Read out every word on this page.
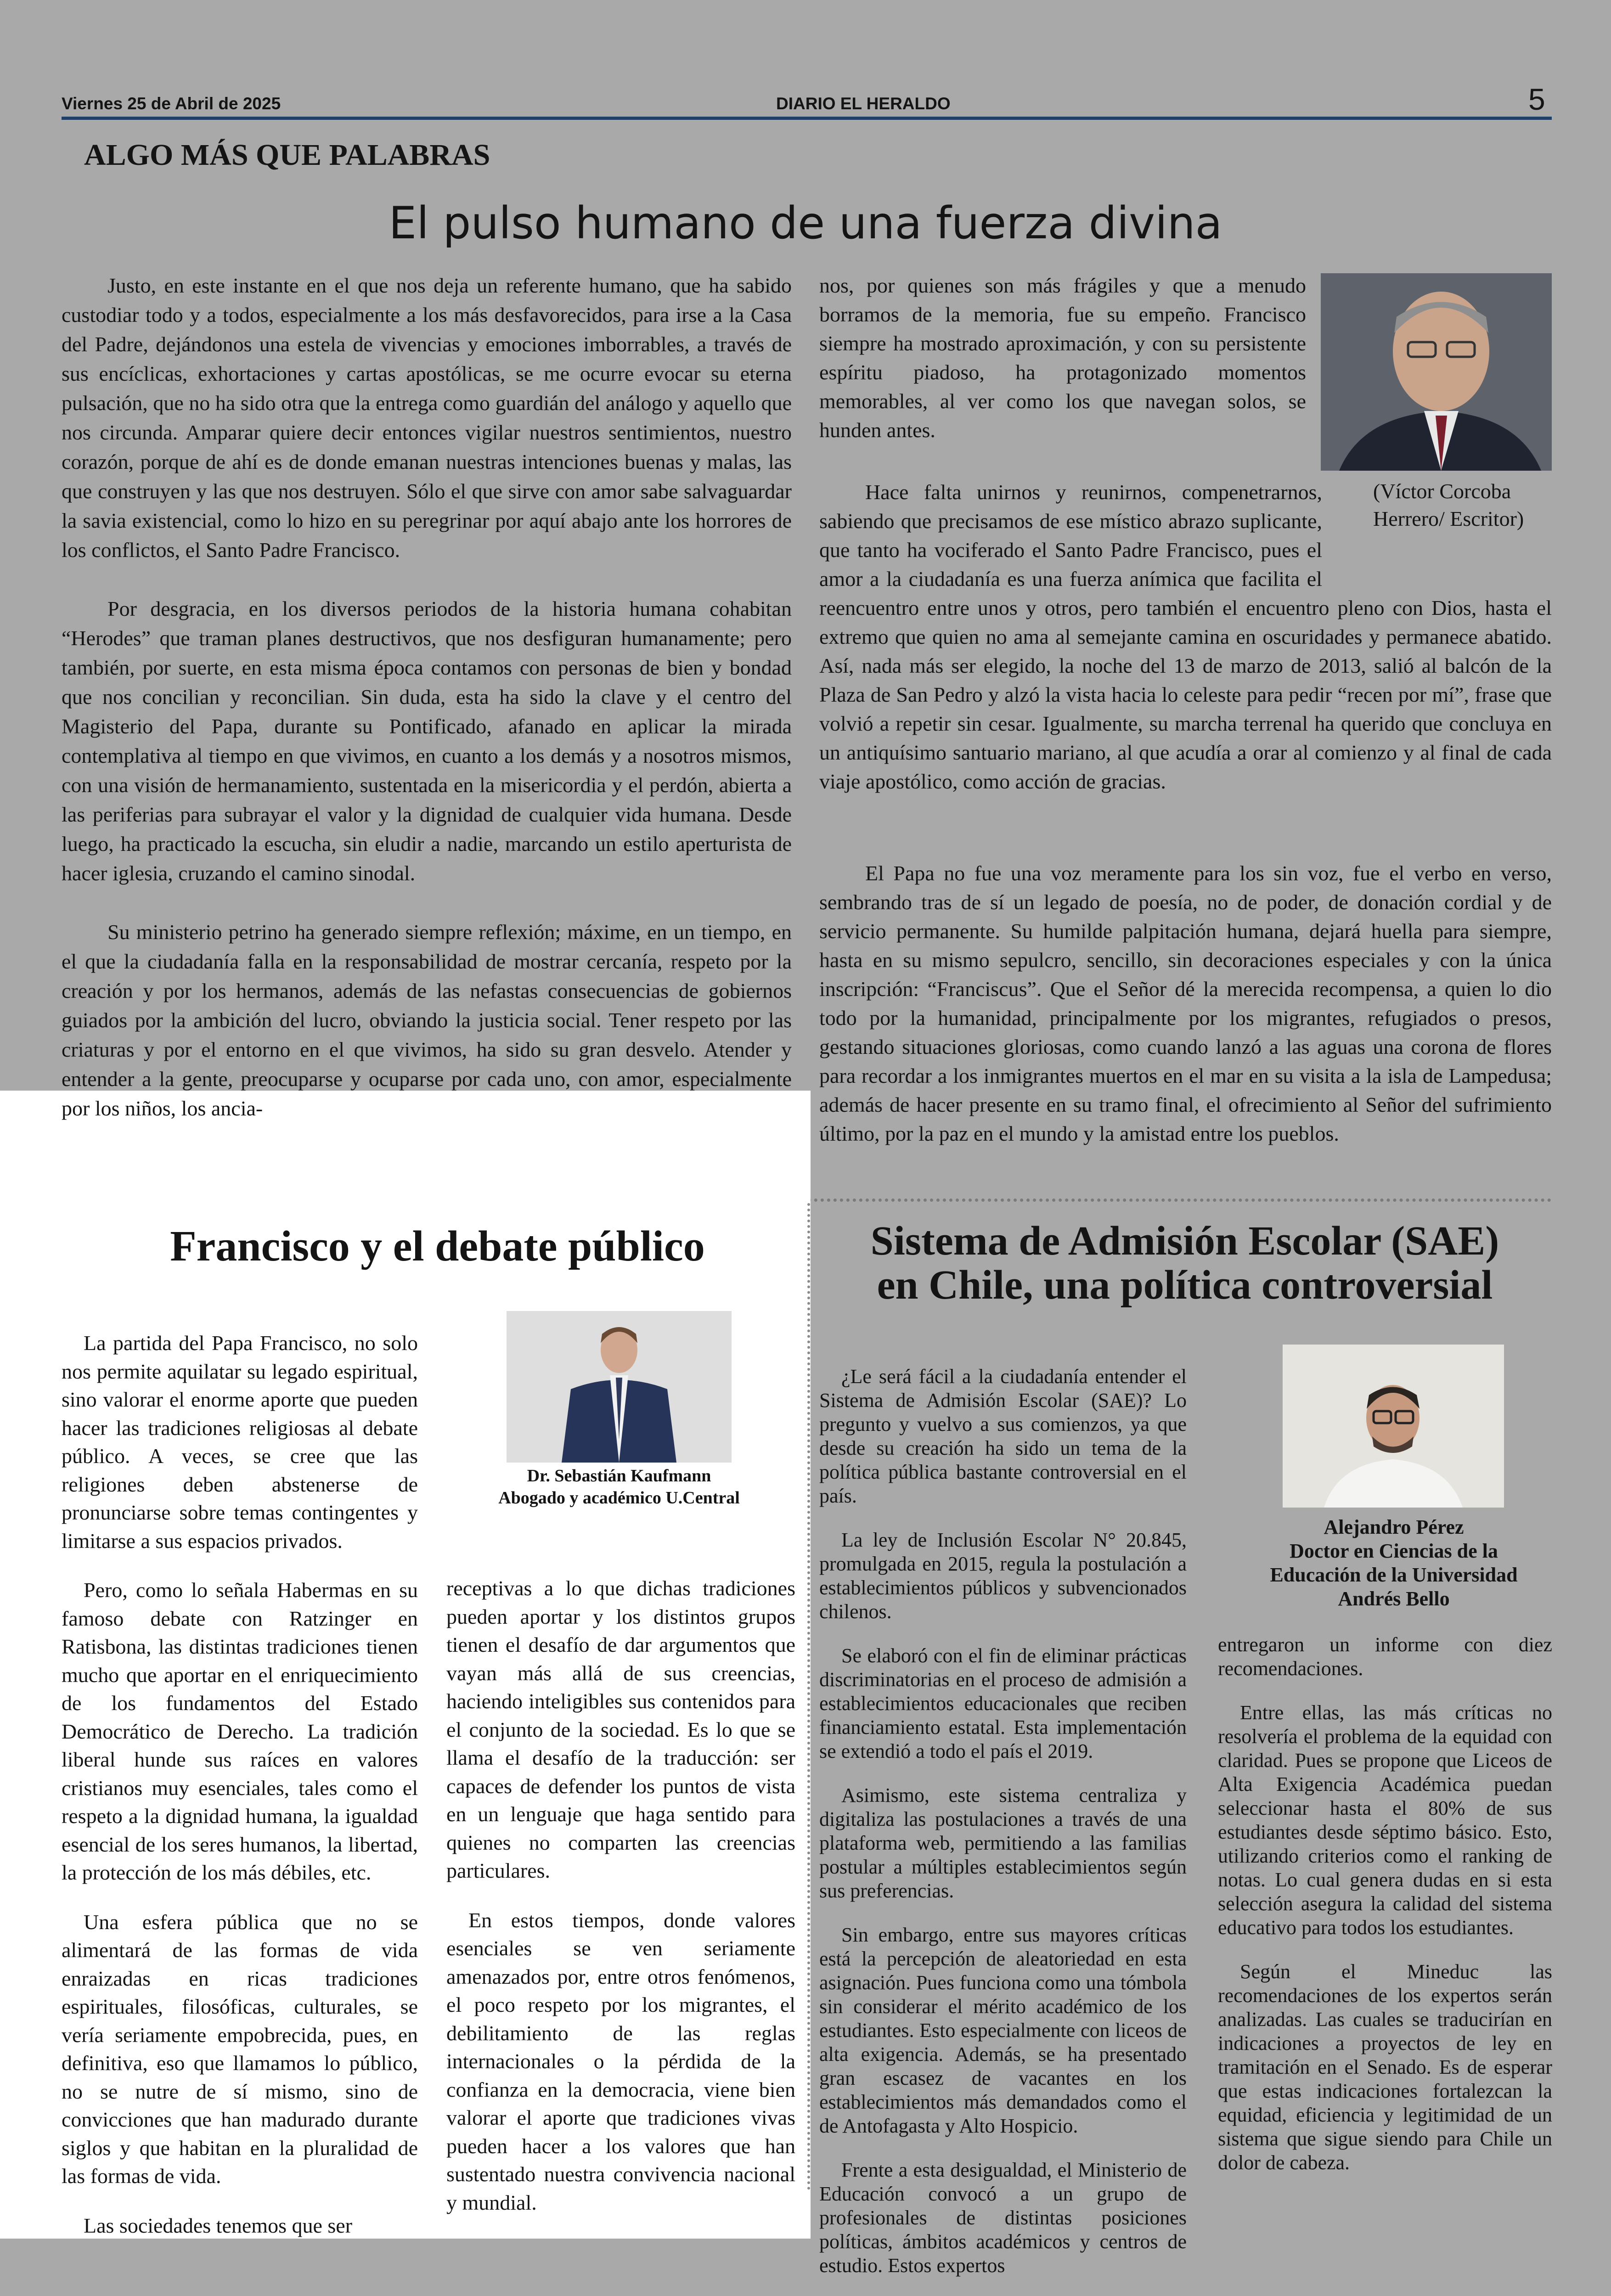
Viernes 25 de Abril de 2025	DIARIO EL HERALDO	5
ALGO MÁS QUE PALABRAS
El pulso humano de una fuerza divina

Justo, en este instante en el que nos deja un referente humano, que ha sabido custodiar todo y a todos, especialmente a los más desfavorecidos, para irse a la Casa del Padre, dejándonos una estela de vivencias y emociones imborrables, a través de sus encíclicas, exhortaciones y cartas apostólicas, se me ocurre evocar su eterna pulsación, que no ha sido otra que la entrega como guardián del análogo y aquello que nos circunda. Amparar quiere decir entonces vigilar nuestros sentimientos, nuestro corazón, porque de ahí es de donde emanan nuestras intenciones buenas y malas, las que construyen y las que nos destruyen. Sólo el que sirve con amor sabe salvaguardar la savia existencial, como lo hizo en su peregrinar por aquí abajo ante los horrores de los conflictos, el Santo Padre Francisco.

Por desgracia, en los diversos periodos de la historia humana cohabitan “Herodes” que traman planes destructivos, que nos desfiguran humanamente; pero también, por suerte, en esta misma época contamos con personas de bien y bondad que nos concilian y reconcilian. Sin duda, esta ha sido la clave y el centro del Magisterio del Papa, durante su Pontificado, afanado en aplicar la mirada contemplativa al tiempo en que vivimos, en cuanto a los demás y a nosotros mismos, con una visión de hermanamiento, sustentada en la misericordia y el perdón, abierta a las periferias para subrayar el valor y la dignidad de cualquier vida humana. Desde luego, ha practicado la escucha, sin eludir a nadie, marcando un estilo aperturista de hacer iglesia, cruzando el camino sinodal.

Su ministerio petrino ha generado siempre reflexión; máxime, en un tiempo, en el que la ciudadanía falla en la responsabilidad de mostrar cercanía, respeto por la creación y por los hermanos, además de las nefastas consecuencias de gobiernos guiados por la ambición del lucro, obviando la justicia social. Tener respeto por las criaturas y por el entorno en el que vivimos, ha sido su gran desvelo. Atender y entender a la gente, preocuparse y ocuparse por cada uno, con amor, especialmente por los niños, los ancia-

nos, por quienes son más frágiles y que a menudo borramos de la memoria, fue su empeño. Francisco siempre ha mostrado aproximación, y con su persistente espíritu piadoso, ha protagonizado momentos memorables, al ver como los que navegan solos, se hunden antes.

(Víctor Corcoba
Herrero/ Escritor)

Hace falta unirnos y reunirnos, compenetrarnos, sabiendo que precisamos de ese místico abrazo suplicante, que tanto ha vociferado el Santo Padre Francisco, pues el amor a la ciudadanía es una fuerza anímica que facilita el reencuentro entre unos y otros, pero también el encuentro pleno con Dios, hasta el extremo que quien no ama al semejante camina en oscuridades y permanece abatido. Así, nada más ser elegido, la noche del 13 de marzo de 2013, salió al balcón de la Plaza de San Pedro y alzó la vista hacia lo celeste para pedir “recen por mí”, frase que volvió a repetir sin cesar. Igualmente, su marcha terrenal ha querido que concluya en un antiquísimo santuario mariano, al que acudía a orar al comienzo y al final de cada viaje apostólico, como acción de gracias.

El Papa no fue una voz meramente para los sin voz, fue el verbo en verso, sembrando tras de sí un legado de poesía, no de poder, de donación cordial y de servicio permanente. Su humilde palpitación humana, dejará huella para siempre, hasta en su mismo sepulcro, sencillo, sin decoraciones especiales y con la única inscripción: “Franciscus”. Que el Señor dé la merecida recompensa, a quien lo dio todo por la humanidad, principalmente por los migrantes, refugiados o presos, gestando situaciones gloriosas, como cuando lanzó a las aguas una corona de flores para recordar a los inmigrantes muertos en el mar en su visita a la isla de Lampedusa; además de hacer presente en su tramo final, el ofrecimiento al Señor del sufrimiento último, por la paz en el mundo y la amistad entre los pueblos.

Francisco y el debate público

La partida del Papa Francisco, no solo nos permite aquilatar su legado espiritual, sino valorar el enorme aporte que pueden hacer las tradiciones religiosas al debate público. A veces, se cree que las religiones deben abstenerse de pronunciarse sobre temas contingentes y limitarse a sus espacios privados.

Pero, como lo señala Habermas en su famoso debate con Ratzinger en Ratisbona, las distintas tradiciones tienen mucho que aportar en el enriquecimiento de los fundamentos del Estado Democrático de Derecho. La tradición liberal hunde sus raíces en valores cristianos muy esenciales, tales como el respeto a la dignidad humana, la igualdad esencial de los seres humanos, la libertad, la protección de los más débiles, etc.

Una esfera pública que no se alimentará de las formas de vida enraizadas en ricas tradiciones espirituales, filosóficas, culturales, se vería seriamente empobrecida, pues, en definitiva, eso que llamamos lo público, no se nutre de sí mismo, sino de convicciones que han madurado durante siglos y que habitan en la pluralidad de las formas de vida.

Las sociedades tenemos que ser

Dr. Sebastián Kaufmann
Abogado y académico U.Central

receptivas a lo que dichas tradiciones pueden aportar y los distintos grupos tienen el desafío de dar argumentos que vayan más allá de sus creencias, haciendo inteligibles sus contenidos para el conjunto de la sociedad. Es lo que se llama el desafío de la traducción: ser capaces de defender los puntos de vista en un lenguaje que haga sentido para quienes no comparten las creencias particulares.

En estos tiempos, donde valores esenciales se ven seriamente amenazados por, entre otros fenómenos, el poco respeto por los migrantes, el debilitamiento de las reglas internacionales o la pérdida de la confianza en la democracia, viene bien valorar el aporte que tradiciones vivas pueden hacer a los valores que han sustentado nuestra convivencia nacional y mundial.

Sistema de Admisión Escolar (SAE)
en Chile, una política controversial

¿Le será fácil a la ciudadanía entender el Sistema de Admisión Escolar (SAE)? Lo pregunto y vuelvo a sus comienzos, ya que desde su creación ha sido un tema de la política pública bastante controversial en el país.

La ley de Inclusión Escolar N° 20.845, promulgada en 2015, regula la postulación a establecimientos públicos y subvencionados chilenos.

Se elaboró con el fin de eliminar prácticas discriminatorias en el proceso de admisión a establecimientos educacionales que reciben financiamiento estatal. Esta implementación se extendió a todo el país el 2019.

Asimismo, este sistema centraliza y digitaliza las postulaciones a través de una plataforma web, permitiendo a las familias postular a múltiples establecimientos según sus preferencias.

Sin embargo, entre sus mayores críticas está la percepción de aleatoriedad en esta asignación. Pues funciona como una tómbola sin considerar el mérito académico de los estudiantes. Esto especialmente con liceos de alta exigencia. Además, se ha presentado gran escasez de vacantes en los establecimientos más demandados como el de Antofagasta y Alto Hospicio.

Frente a esta desigualdad, el Ministerio de Educación convocó a un grupo de profesionales de distintas posiciones políticas, ámbitos académicos y centros de estudio. Estos expertos

Alejandro Pérez
Doctor en Ciencias de la
Educación de la Universidad
Andrés Bello

entregaron un informe con diez recomendaciones.

Entre ellas, las más críticas no resolvería el problema de la equidad con claridad. Pues se propone que Liceos de Alta Exigencia Académica puedan seleccionar hasta el 80% de sus estudiantes desde séptimo básico. Esto, utilizando criterios como el ranking de notas. Lo cual genera dudas en si esta selección asegura la calidad del sistema educativo para todos los estudiantes.

Según el Mineduc las recomendaciones de los expertos serán analizadas. Las cuales se traducirían en indicaciones a proyectos de ley en tramitación en el Senado. Es de esperar que estas indicaciones fortalezcan la equidad, eficiencia y legitimidad de un sistema que sigue siendo para Chile un dolor de cabeza.
